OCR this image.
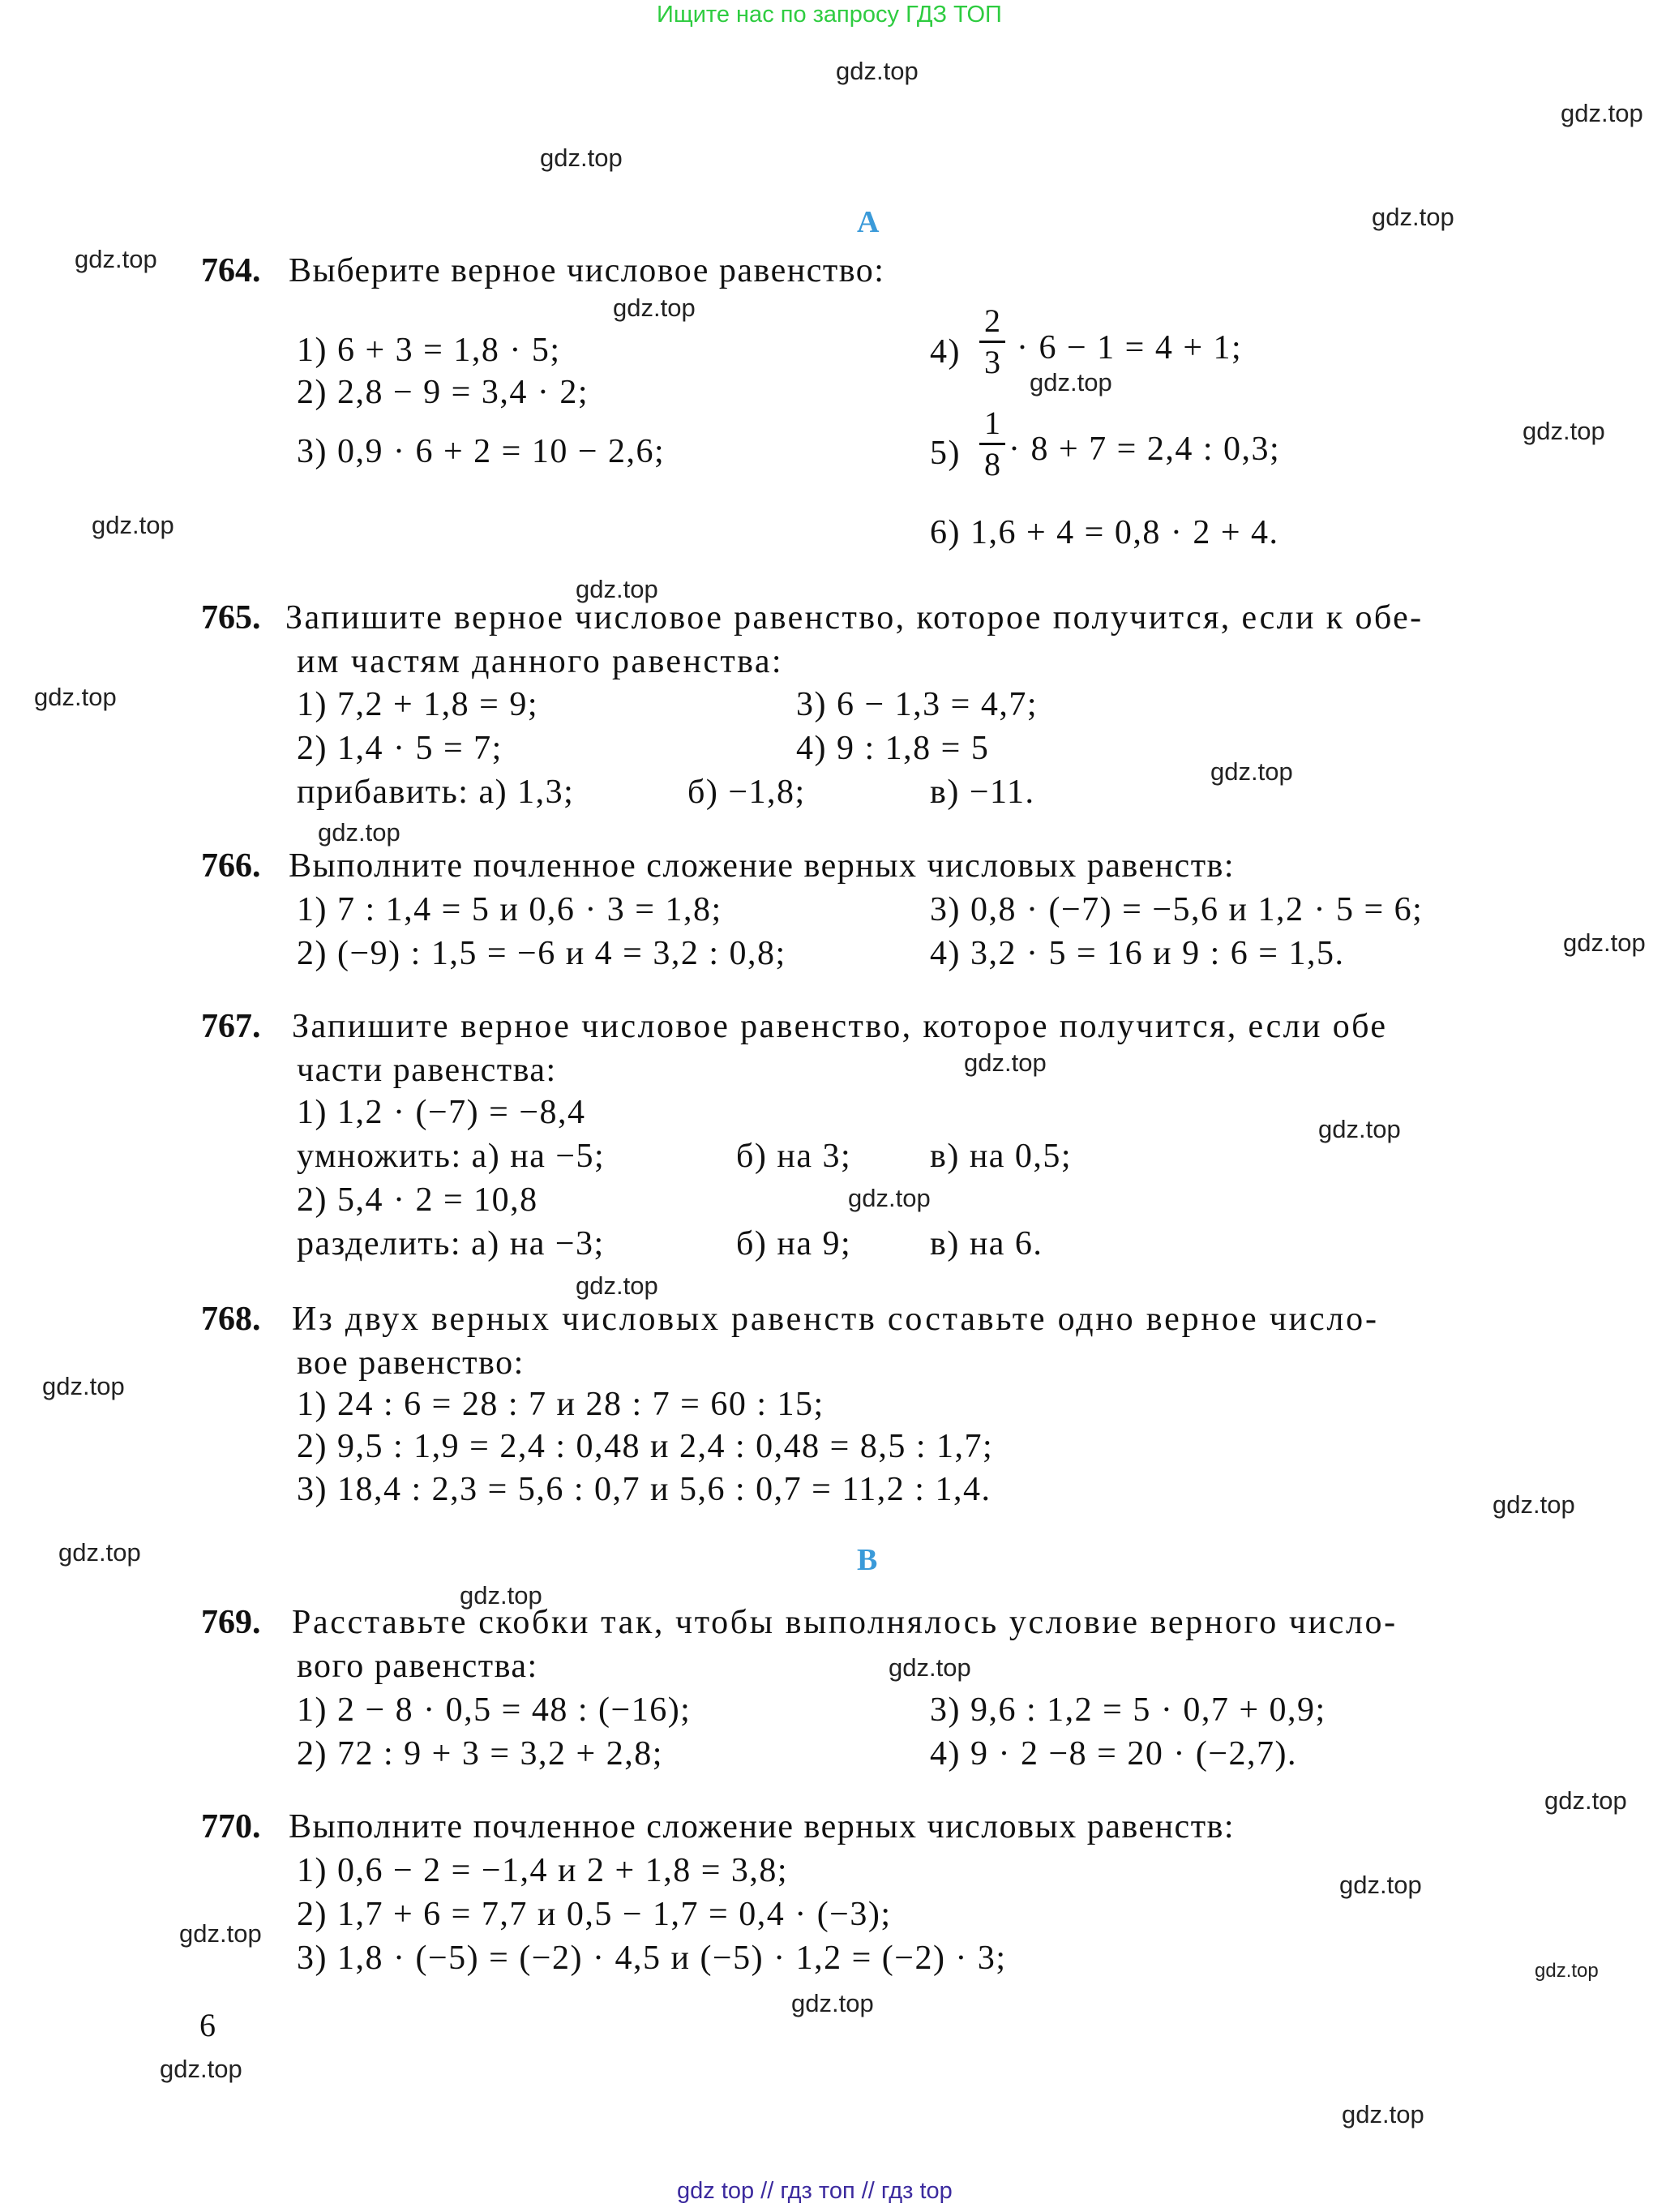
Ищите нас по запросу ГДЗ ТОП
gdz.top
gdz.top
gdz.top
gdz.top
gdz.top
gdz.top
gdz.top
gdz.top
gdz.top
gdz.top
gdz.top
gdz.top
gdz.top
gdz.top
gdz.top
gdz.top
gdz.top
gdz.top
gdz.top
gdz.top
gdz.top
gdz.top
gdz.top
gdz.top
gdz.top
gdz.top
gdz.top
gdz.top
gdz.top
gdz.top
А
764. Выберите верное числовое равенство:
1) 6 + 3 = 1,8 · 5;
2) 2,8 − 9 = 3,4 · 2;
3) 0,9 · 6 + 2 = 10 − 2,6;
4)
2
3 · 6 − 1 = 4 + 1;
5)
1
8 · 8 + 7 = 2,4 : 0,3;
6) 1,6 + 4 = 0,8 · 2 + 4.
765. Запишите верное числовое равенство, которое получится, если к обе-
им частям данного равенства:
1) 7,2 + 1,8 = 9;
2) 1,4 · 5 = 7;
3) 6 − 1,3 = 4,7;
4) 9 : 1,8 = 5
прибавить: а) 1,3;	б) −1,8;	в) −11.
766. Выполните почленное сложение верных числовых равенств:
1) 7 : 1,4 = 5 и 0,6 · 3 = 1,8;
2) (−9) : 1,5 = −6 и 4 = 3,2 : 0,8;
3) 0,8 · (−7) = −5,6 и 1,2 · 5 = 6;
4) 3,2 · 5 = 16 и 9 : 6 = 1,5.
767. Запишите верное числовое равенство, которое получится, если обе
части равенства:
1) 1,2 · (−7) = −8,4
умножить: а) на −5;	б) на 3; в) на 0,5;
2) 5,4 · 2 = 10,8
разделить: а) на −3;	б) на 9; в) на 6.
768. Из двух верных числовых равенств составьте одно верное число-
вое равенство:
1) 24 : 6 = 28 : 7 и 28 : 7 = 60 : 15;
2) 9,5 : 1,9 = 2,4 : 0,48 и 2,4 : 0,48 = 8,5 : 1,7;
3) 18,4 : 2,3 = 5,6 : 0,7 и 5,6 : 0,7 = 11,2 : 1,4.
В
769. Расставьте скобки так, чтобы выполнялось условие верного число-
вого равенства:
1) 2 − 8 · 0,5 = 48 : (−16);
2) 72 : 9 + 3 = 3,2 + 2,8;
3) 9,6 : 1,2 = 5 · 0,7 + 0,9;
4) 9 · 2 −8 = 20 · (−2,7).
770. Выполните почленное сложение верных числовых равенств:
1) 0,6 − 2 = −1,4 и 2 + 1,8 = 3,8;
2) 1,7 + 6 = 7,7 и 0,5 − 1,7 = 0,4 · (−3);
3) 1,8 · (−5) = (−2) · 4,5 и (−5) · 1,2 = (−2) · 3;
6
gdz top // гдз топ // гдз top
